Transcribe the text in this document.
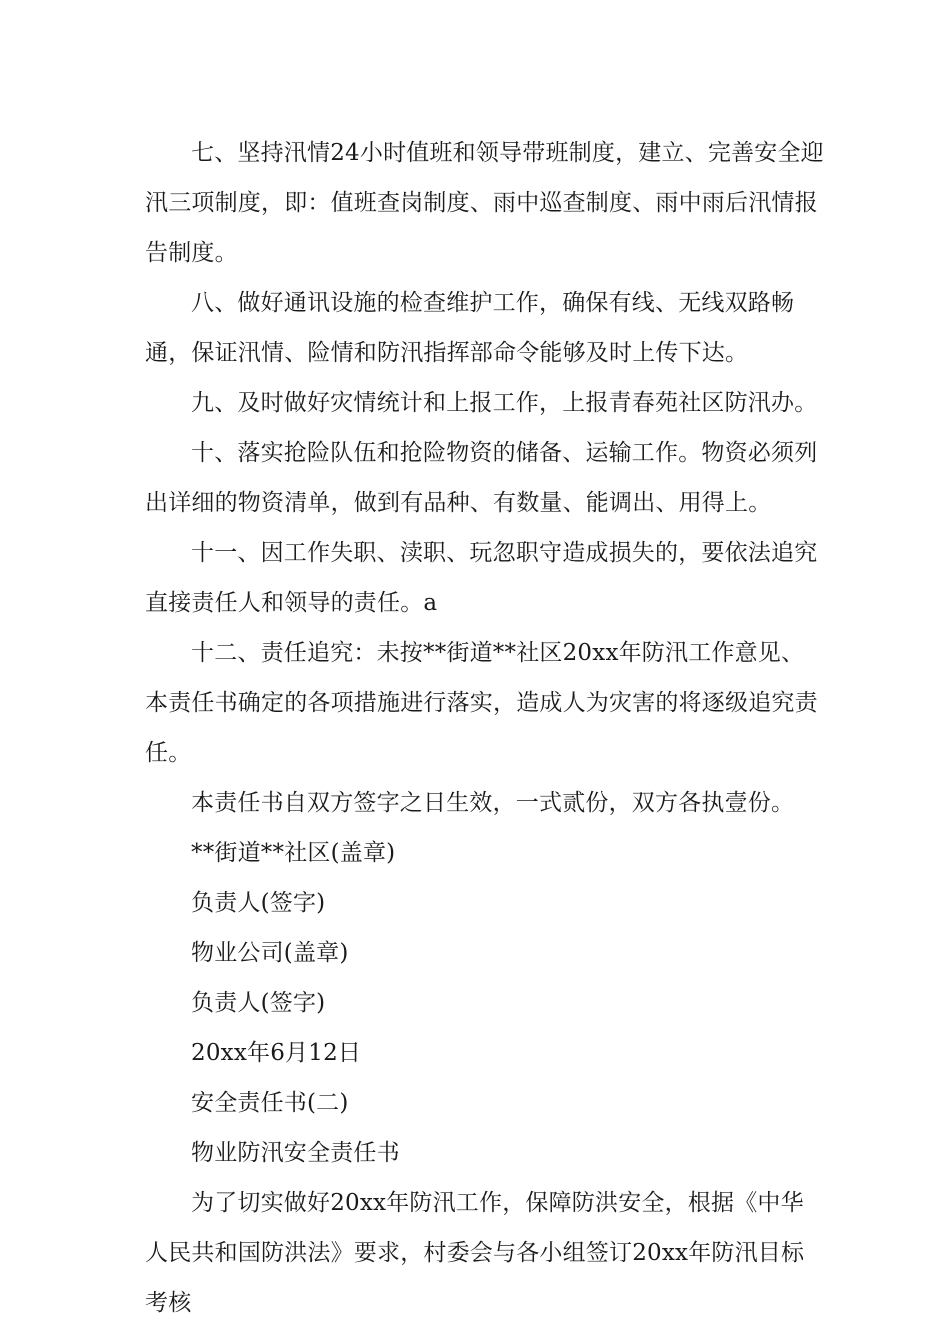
七、坚持汛情24小时值班和领导带班制度，建立、完善安全迎汛三项制度，即：值班查岗制度、雨中巡查制度、雨中雨后汛情报告制度。

八、做好通讯设施的检查维护工作，确保有线、无线双路畅通，保证汛情、险情和防汛指挥部命令能够及时上传下达。

九、及时做好灾情统计和上报工作，上报青春苑社区防汛办。

十、落实抢险队伍和抢险物资的储备、运输工作。物资必须列出详细的物资清单，做到有品种、有数量、能调出、用得上。

十一、因工作失职、渎职、玩忽职守造成损失的，要依法追究直接责任人和领导的责任。a

十二、责任追究：未按**街道**社区20xx年防汛工作意见、本责任书确定的各项措施进行落实，造成人为灾害的将逐级追究责任。

本责任书自双方签字之日生效，一式贰份，双方各执壹份。

**街道**社区(盖章)

负责人(签字)

物业公司(盖章)

负责人(签字)

20xx年6月12日

安全责任书(二)

物业防汛安全责任书

为了切实做好20xx年防汛工作，保障防洪安全，根据《中华人民共和国防洪法》要求，村委会与各小组签订20xx年防汛目标考核
